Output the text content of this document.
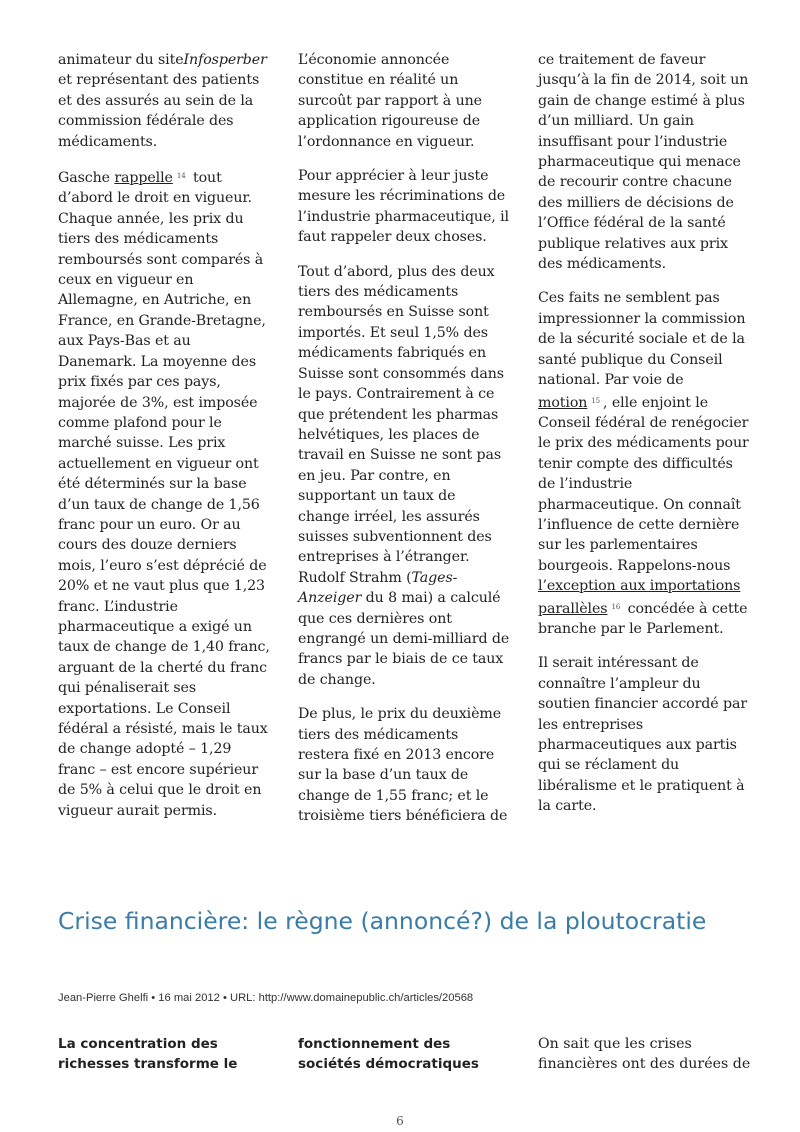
animateur du siteInfosperber et représentant des patients et des assurés au sein de la commission fédérale des médicaments.

Gasche rappelle $^{14}$ tout d’abord le droit en vigueur. Chaque année, les prix du tiers des médicaments remboursés sont comparés à ceux en vigueur en Allemagne, en Autriche, en France, en Grande-Bretagne, aux Pays-Bas et au Danemark. La moyenne des prix fixés par ces pays, majorée de 3%, est imposée comme plafond pour le marché suisse. Les prix actuellement en vigueur ont été déterminés sur la base d’un taux de change de 1,56 franc pour un euro. Or au cours des douze derniers mois, l’euro s’est déprécié de 20% et ne vaut plus que 1,23 franc. L’industrie pharmaceutique a exigé un taux de change de 1,40 franc, arguant de la cherté du franc qui pénaliserait ses exportations. Le Conseil fédéral a résisté, mais le taux de change adopté – 1,29 franc – est encore supérieur de 5% à celui que le droit en vigueur aurait permis.

L’économie annoncée constitue en réalité un surcoût par rapport à une application rigoureuse de l’ordonnance en vigueur.

Pour apprécier à leur juste mesure les récriminations de l’industrie pharmaceutique, il faut rappeler deux choses.

Tout d’abord, plus des deux tiers des médicaments remboursés en Suisse sont importés. Et seul 1,5% des médicaments fabriqués en Suisse sont consommés dans le pays. Contrairement à ce que prétendent les pharmas helvétiques, les places de travail en Suisse ne sont pas en jeu. Par contre, en supportant un taux de change irréel, les assurés suisses subventionnent des entreprises à l’étranger. Rudolf Strahm (Tages-Anzeiger du 8 mai) a calculé que ces dernières ont engrangé un demi-milliard de francs par le biais de ce taux de change.

De plus, le prix du deuxième tiers des médicaments restera fixé en 2013 encore sur la base d’un taux de change de 1,55 franc; et le troisième tiers bénéficiera de

ce traitement de faveur jusqu’à la fin de 2014, soit un gain de change estimé à plus d’un milliard. Un gain insuffisant pour l’industrie pharmaceutique qui menace de recourir contre chacune des milliers de décisions de l’Office fédéral de la santé publique relatives aux prix des médicaments.

Ces faits ne semblent pas impressionner la commission de la sécurité sociale et de la santé publique du Conseil national. Par voie de motion $^{15}$ , elle enjoint le Conseil fédéral de renégocier le prix des médicaments pour tenir compte des difficultés de l’industrie pharmaceutique. On connaît l’influence de cette dernière sur les parlementaires bourgeois. Rappelons-nous l’exception aux importations parallèles $^{16}$ concédée à cette branche par le Parlement.

Il serait intéressant de connaître l’ampleur du soutien financier accordé par les entreprises pharmaceutiques aux partis qui se réclament du libéralisme et le pratiquent à la carte.

Crise financière: le règne (annoncé?) de la ploutocratie

Jean-Pierre Ghelfi • 16 mai 2012 • URL: http://www.domainepublic.ch/articles/20568

La concentration des richesses transforme le

fonctionnement des sociétés démocratiques

On sait que les crises financières ont des durées de

6
